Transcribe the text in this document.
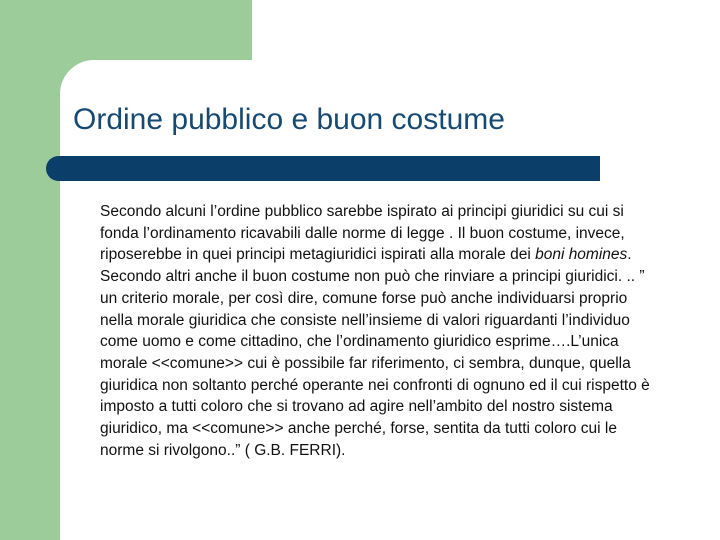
Ordine pubblico e buon costume

Secondo alcuni l’ordine pubblico sarebbe ispirato ai principi giuridici su cui si fonda l’ordinamento ricavabili dalle norme di legge . Il buon costume, invece, riposerebbe in quei principi metagiuridici ispirati alla morale dei boni homines.

Secondo altri anche il buon costume non può che rinviare a principi giuridici. .. ” un criterio morale, per così dire, comune forse può anche individuarsi proprio nella morale giuridica che consiste nell’insieme di valori riguardanti l’individuo come uomo e come cittadino, che l’ordinamento giuridico esprime….L’unica morale <<comune>> cui è possibile far riferimento, ci sembra, dunque, quella giuridica non soltanto perché operante nei confronti di ognuno ed il cui rispetto è imposto a tutti coloro che si trovano ad agire nell’ambito del nostro sistema giuridico, ma <<comune>> anche perché, forse, sentita da tutti coloro cui le norme si rivolgono..” ( G.B. FERRI).
